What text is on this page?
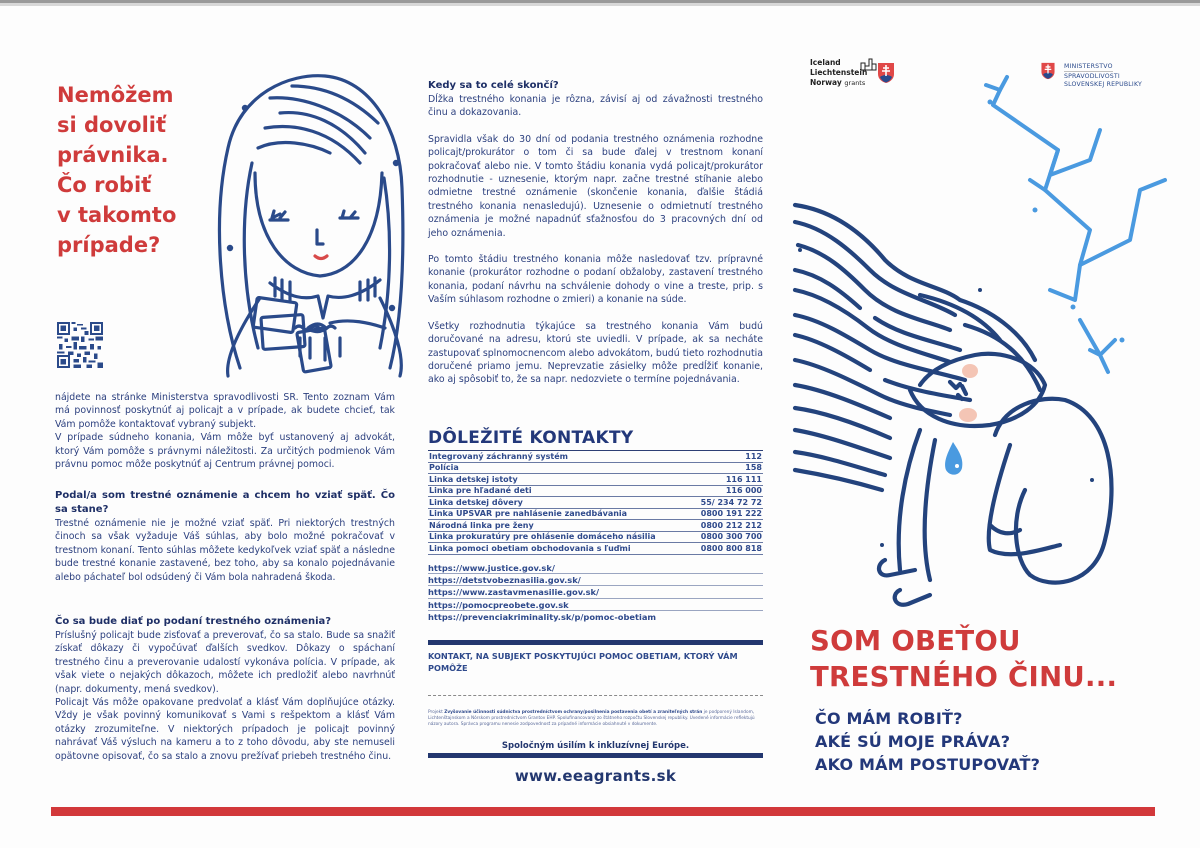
Nemôžem
si dovoliť
právnika.
Čo robiť
v takomto
prípade?

nájdete na stránke Ministerstva spravodlivosti SR. Tento zoznam Vám má povinnosť poskytnúť aj policajt a v prípade, ak budete chcieť, tak Vám pomôže kontaktovať vybraný subjekt.

V prípade súdneho konania, Vám môže byť ustanovený aj advokát, ktorý Vám pomôže s právnymi náležitosti. Za určitých podmienok Vám právnu pomoc môže poskytnúť aj Centrum právnej pomoci.

Podal/a som trestné oznámenie a chcem ho vziať späť. Čo sa stane?

Trestné oznámenie nie je možné vziať späť. Pri niektorých trestných činoch sa však vyžaduje Váš súhlas, aby bolo možné pokračovať v trestnom konaní. Tento súhlas môžete kedykoľvek vziať späť a následne bude trestné konanie zastavené, bez toho, aby sa konalo pojednávanie alebo páchateľ bol odsúdený či Vám bola nahradená škoda.

Čo sa bude diať po podaní trestného oznámenia?

Príslušný policajt bude zisťovať a preverovať, čo sa stalo. Bude sa snažiť získať dôkazy či vypočúvať ďalších svedkov. Dôkazy o spáchaní trestného činu a preverovanie udalostí vykonáva polícia. V prípade, ak však viete o nejakých dôkazoch, môžete ich predložiť alebo navrhnúť (napr. dokumenty, mená svedkov).

Policajt Vás môže opakovane predvolať a klásť Vám doplňujúce otázky. Vždy je však povinný komunikovať s Vami s rešpektom a klásť Vám otázky zrozumiteľne. V niektorých prípadoch je policajt povinný nahrávať Váš výsluch na kameru a to z toho dôvodu, aby ste nemuseli opätovne opisovať, čo sa stalo a znovu prežívať priebeh trestného činu.

Kedy sa to celé skončí?

Dĺžka trestného konania je rôzna, závisí aj od závažnosti trestného činu a dokazovania.

Spravidla však do 30 dní od podania trestného oznámenia rozhodne policajt/prokurátor o tom či sa bude ďalej v trestnom konaní pokračovať alebo nie. V tomto štádiu konania vydá policajt/prokurátor rozhodnutie - uznesenie, ktorým napr. začne trestné stíhanie alebo odmietne trestné oznámenie (skončenie konania, ďalšie štádiá trestného konania nenasledujú). Uznesenie o odmietnutí trestného oznámenia je možné napadnúť sťažnosťou do 3 pracovných dní od jeho oznámenia.

Po tomto štádiu trestného konania môže nasledovať tzv. prípravné konanie (prokurátor rozhodne o podaní obžaloby, zastavení trestného konania, podaní návrhu na schválenie dohody o vine a treste, prip. s Vaším súhlasom rozhodne o zmieri) a konanie na súde.

Všetky rozhodnutia týkajúce sa trestného konania Vám budú doručované na adresu, ktorú ste uviedli. V prípade, ak sa necháte zastupovať splnomocnencom alebo advokátom, budú tieto rozhodnutia doručené priamo jemu. Neprevzatie zásielky môže predĺžiť konanie, ako aj spôsobiť to, že sa napr. nedozviete o termíne pojednávania.

DÔLEŽITÉ KONTAKTY
Integrovaný záchranný systém	112
Polícia	158
Linka detskej istoty	116 111
Linka pre hľadané deti	116 000
Linka detskej dôvery	55/ 234 72 72
Linka UPSVAR pre nahlásenie zanedbávania	0800 191 222
Národná linka pre ženy	0800 212 212
Linka prokuratúry pre ohlásenie domáceho násilia	0800 300 700
Linka pomoci obetiam obchodovania s ľuďmi	0800 800 818
https://www.justice.gov.sk/
https://detstvobeznasilia.gov.sk/
https://www.zastavmenasilie.gov.sk/
https://pomocpreobete.gov.sk
https://prevenciakriminality.sk/p/pomoc-obetiam
KONTAKT, NA SUBJEKT POSKYTUJÚCI POMOC OBETIAM, KTORÝ VÁM POMÔŽE
Projekt Zvyšovanie účinnosti súdnictva prostredníctvom ochrany/posilnenia postavenia obetí a zraniteľných strán je podporený Islandom, Lichtenštajnskom a Nórskom prostredníctvom Grantov EHP. Spolufinancovaný zo štátneho rozpočtu Slovenskej republiky. Uvedené informácie reflektujú názory autora. Správca programu nenesie zodpovednosť za prípadné informácie obsiahnuté v dokumente.
Spoločným úsilím k inkluzívnej Európe.
www.eeagrants.sk
Iceland
Liechtenstein
Norway grants
MINISTERSTVO
SPRAVODLIVOSTI
SLOVENSKEJ REPUBLIKY
SOM OBEŤOU
TRESTNÉHO ČINU...
ČO MÁM ROBIŤ?
AKÉ SÚ MOJE PRÁVA?
AKO MÁM POSTUPOVAŤ?
